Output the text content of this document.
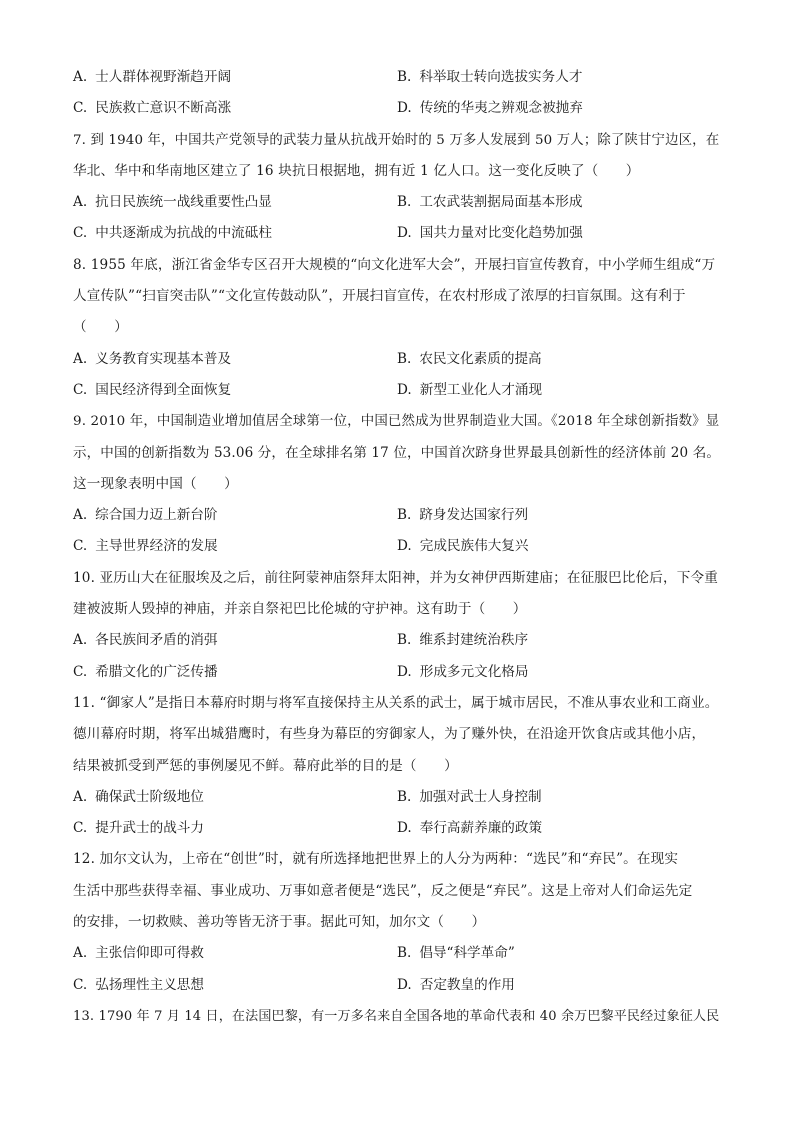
A. 士人群体视野渐趋开阔	B. 科举取士转向选拔实务人才
C. 民族救亡意识不断高涨	D. 传统的华夷之辨观念被抛弃
7. 到 1940 年，中国共产党领导的武装力量从抗战开始时的 5 万多人发展到 50 万人；除了陕甘宁边区，在
华北、华中和华南地区建立了 16 块抗日根据地，拥有近 1 亿人口。这一变化反映了（　　）
A. 抗日民族统一战线重要性凸显	B. 工农武装割据局面基本形成
C. 中共逐渐成为抗战的中流砥柱	D. 国共力量对比变化趋势加强
8. 1955 年底，浙江省金华专区召开大规模的“向文化进军大会”，开展扫盲宣传教育，中小学师生组成“万
人宣传队”“扫盲突击队”“文化宣传鼓动队”，开展扫盲宣传，在农村形成了浓厚的扫盲氛围。这有利于
（　　）
A. 义务教育实现基本普及	B. 农民文化素质的提高
C. 国民经济得到全面恢复	D. 新型工业化人才涌现
9. 2010 年，中国制造业增加值居全球第一位，中国已然成为世界制造业大国。《2018 年全球创新指数》显
示，中国的创新指数为 53.06 分，在全球排名第 17 位，中国首次跻身世界最具创新性的经济体前 20 名。
这一现象表明中国（　　）
A. 综合国力迈上新台阶	B. 跻身发达国家行列
C. 主导世界经济的发展	D. 完成民族伟大复兴
10. 亚历山大在征服埃及之后，前往阿蒙神庙祭拜太阳神，并为女神伊西斯建庙；在征服巴比伦后，下令重
建被波斯人毁掉的神庙，并亲自祭祀巴比伦城的守护神。这有助于（　　）
A. 各民族间矛盾的消弭	B. 维系封建统治秩序
C. 希腊文化的广泛传播	D. 形成多元文化格局
11. “御家人”是指日本幕府时期与将军直接保持主从关系的武士，属于城市居民，不准从事农业和工商业。
德川幕府时期，将军出城猎鹰时，有些身为幕臣的穷御家人，为了赚外快，在沿途开饮食店或其他小店，
结果被抓受到严惩的事例屡见不鲜。幕府此举的目的是（　　）
A. 确保武士阶级地位	B. 加强对武士人身控制
C. 提升武士的战斗力	D. 奉行高薪养廉的政策
12. 加尔文认为，上帝在“创世”时，就有所选择地把世界上的人分为两种：“选民”和“弃民”。在现实
生活中那些获得幸福、事业成功、万事如意者便是“选民”，反之便是“弃民”。这是上帝对人们命运先定
的安排，一切救赎、善功等皆无济于事。据此可知，加尔文（　　）
A. 主张信仰即可得救	B. 倡导“科学革命”
C. 弘扬理性主义思想	D. 否定教皇的作用
13. 1790 年 7 月 14 日，在法国巴黎，有一万多名来自全国各地的革命代表和 40 余万巴黎平民经过象征人民
